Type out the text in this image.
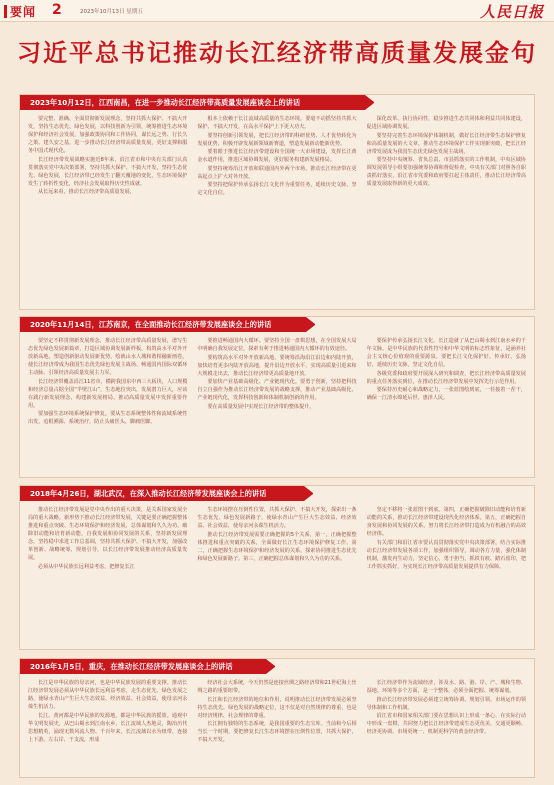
要闻 2	2023年10月13日 星期五	人民日报
习近平总书记推动长江经济带高质量发展金句
2023年10月12日，江西南昌，在进一步推动长江经济带高质量发展座谈会上的讲话

要完整、准确、全面贯彻新发展理念，坚持共抓大保护、不搞大开发，坚持生态优先、绿色发展，以科技创新为引领，统筹推进生态环境保护和经济社会发展，加强政策协同和工作协同，谋长远之势、行长久之策、建久安之基，进一步推动长江经济带高质量发展，更好支撑和服务中国式现代化。

长江经济带发展战略实施近8年来，沿江省市和中央有关部门认真贯彻落实党中央决策部署，坚持共抓大保护、不搞大开发，坚持生态优先、绿色发展，长江经济带已经发生了翻天覆地的变化，生态环境保护发生了转折性变化，经济社会发展取得历史性成就。

从长远来看，推动长江经济带高质量发展，

根本上依赖于长江流域高质量的生态环境。要毫不动摇坚持共抓大保护、不搞大开发，在高水平保护上下更大功夫。

要坚持创新引领发展，把长江经济带的科研优势、人才优势转化为发展优势，积极开辟发展新领域新赛道，塑造发展新动能新优势。

要着眼于推进长江经济带建设和全国统一大市场建设，发挥长江黄金水道作用，推进区域协调发展，更好服务构建新发展格局。

要坚持统筹沿江开放和联通国内外两个市场，推动长江经济带在更高起点上扩大对外开放。

要坚持把保护传承弘扬长江文化作为重要任务，延续历史文脉，坚定文化自信。

深化改革、执行协同性，稳步推进生态共同体和利益共同体建设，促进区域协调发展。

要坚持完善生态环境保护体制机制，做好长江经济带生态保护修复和高质量发展的大文章，推动生态环境保护工作实现新突破，把长江经济带发展成为我国生态优先绿色发展主战场。

要坚持中央统筹、省负总责、市县抓落实的工作机制，中央区域协调发展领导小组要加强统筹协调和督促检查，中央有关部门对照各自职责抓好落实，沿江省市党委和政府要扛起主体责任，推动长江经济带高质量发展取得新的更大成效。

2020年11月14日，江苏南京，在全面推动长江经济带发展座谈会上的讲话

要坚定不移贯彻新发展理念，推动长江经济带高质量发展，谱写生态优先绿色发展新篇章，打造区域协调发展新样板，构筑高水平对外开放新高地，塑造创新驱动发展新优势，绘就山水人城和谐相融新画卷，使长江经济带成为我国生态优先绿色发展主战场、畅通国内国际双循环主动脉、引领经济高质量发展主力军。

长江经济带覆盖沿江11省市，横跨我国东中西三大板块，人口规模和经济总量占据全国“半壁江山”，生态地位突出，发展潜力巨大，应该在践行新发展理念、构建新发展格局、推动高质量发展中发挥重要作用。

要加强生态环境系统保护修复。要从生态系统整体性和流域系统性出发，追根溯源、系统治疗，防止头痛医头、脚痛医脚。

要推进畅通国内大循环。要坚持全国一盘棋思想，在全国发展大局中明确自我发展定位，探索有利于推进畅通国内大循环的有效途径。

要构筑高水平对外开放新高地。要统筹沿海沿江沿边和内陆开放，加快培育更多内陆开放高地，提升沿边开放水平，实现高质量引进来和大规模走出去，推动长江经济带更高质量地开放。

要加快产业基础高级化、产业链现代化。要勇于创新，坚持把科技自立自强作为推动长江经济带发展的战略支撑，推动产业基础高级化、产业链现代化，发挥科技创新和体制机制创新的作用。

要在高质量发展中实现长江经济带的整体提升。

要保护传承弘扬长江文化。长江造就了从巴山蜀水到江南水乡的千年文脉，是中华民族的代表性符号和中华文明的标志性象征，是涵养社会主义核心价值观的重要源泉。要把长江文化保护好、传承好、弘扬好，延续历史文脉，坚定文化自信。

各级党委和政府要开展深入研究和调查，把长江经济带高质量发展的重点任务落实到位，在推动长江经济带发展中发挥先行示范作用。

要保持历史耐心和战略定力，一张蓝图绘到底，一茬接着一茬干，确保一江清水绵延后世、惠泽人民。

2018年4月26日，湖北武汉，在深入推动长江经济带发展座谈会上的讲话

推动长江经济带发展是党中央作出的重大决策，是关系国家发展全局的重大战略。新形势下推动长江经济带发展，关键是要正确把握整体推进和重点突破、生态环境保护和经济发展、总体谋划和久久为功、破除旧动能和培育新动能、自我发展和协同发展的关系，坚持新发展理念，坚持稳中求进工作总基调，坚持共抓大保护、不搞大开发，加强改革创新、战略统筹、规划引导，以长江经济带发展推动经济高质量发展。

必须从中华民族长远利益考虑，把修复长江

生态环境摆在压倒性位置，共抓大保护、不搞大开发，探索出一条生态优先、绿色发展新路子，使绿水青山产生巨大生态效益、经济效益、社会效益，使母亲河永葆生机活力。

推动长江经济带发展需要正确把握的5个关系，第一，正确把握整体推进和重点突破的关系，全面做好长江生态环境保护修复工作。第二，正确把握生态环境保护和经济发展的关系，探索协同推进生态优先和绿色发展新路子。第三，正确把握总体谋划和久久为功的关系。

坚定不移将一张蓝图干到底。第四，正确把握破除旧动能和培育新动能的关系，推动长江经济带建设现代化经济体系。第五，正确把握自身发展和协同发展的关系，努力将长江经济带打造成为有机融合的高效经济体。

有关部门和沿江省市要认真贯彻落实党中央决策部署，结合实际推动长江经济带发展各项工作，加强组织领导，调动各方力量，强化体制机制，激发内生动力，坚定信心，勇于担当，抓铁有痕、踏石留印，把工作抓实抓好，为实现长江经济带高质量发展提供有力保障。

2016年1月5日，重庆，在推动长江经济带发展座谈会上的讲话

长江是中华民族的母亲河，也是中华民族发展的重要支撑。推动长江经济带发展必须从中华民族长远利益考虑，走生态优先、绿色发展之路，使绿水青山产生巨大生态效益、经济效益、社会效益，使母亲河永葆生机活力。

长江、黄河都是中华民族的发源地，都是中华民族的摇篮。通观中华文明发展史，从巴山蜀水到江南水乡，长江流域人杰地灵，陶冶历代思想精英，涌现无数风流人物。千百年来，长江流域以水为纽带，连接上下游、左右岸、干支流，形成

经济社会大系统，今天仍然是连接丝绸之路经济带和21世纪海上丝绸之路的重要纽带。

长江和长江经济带的地位和作用，说明推动长江经济带发展必须坚持生态优先、绿色发展的战略定位，这不仅是对自然规律的尊重，也是对经济规律、社会规律的尊重。

长江拥有独特的生态系统，是我国重要的生态宝库。当前和今后相当长一个时期，要把修复长江生态环境摆在压倒性位置，共抓大保护，不搞大开发。

长江经济带作为流域经济，涉及水、路、港、岸、产、城和生物、湿地、环境等多个方面，是一个整体，必须全面把握、统筹谋划。

推动长江经济带发展必须建立统筹协调、规划引领、市场运作的领导体制和工作机制。

沿江省市和国家相关部门要在思想认识上形成一条心，在实际行动中形成一盘棋，共同努力把长江经济带建成生态更优美、交通更顺畅、经济更协调、市场更统一、机制更科学的黄金经济带。
